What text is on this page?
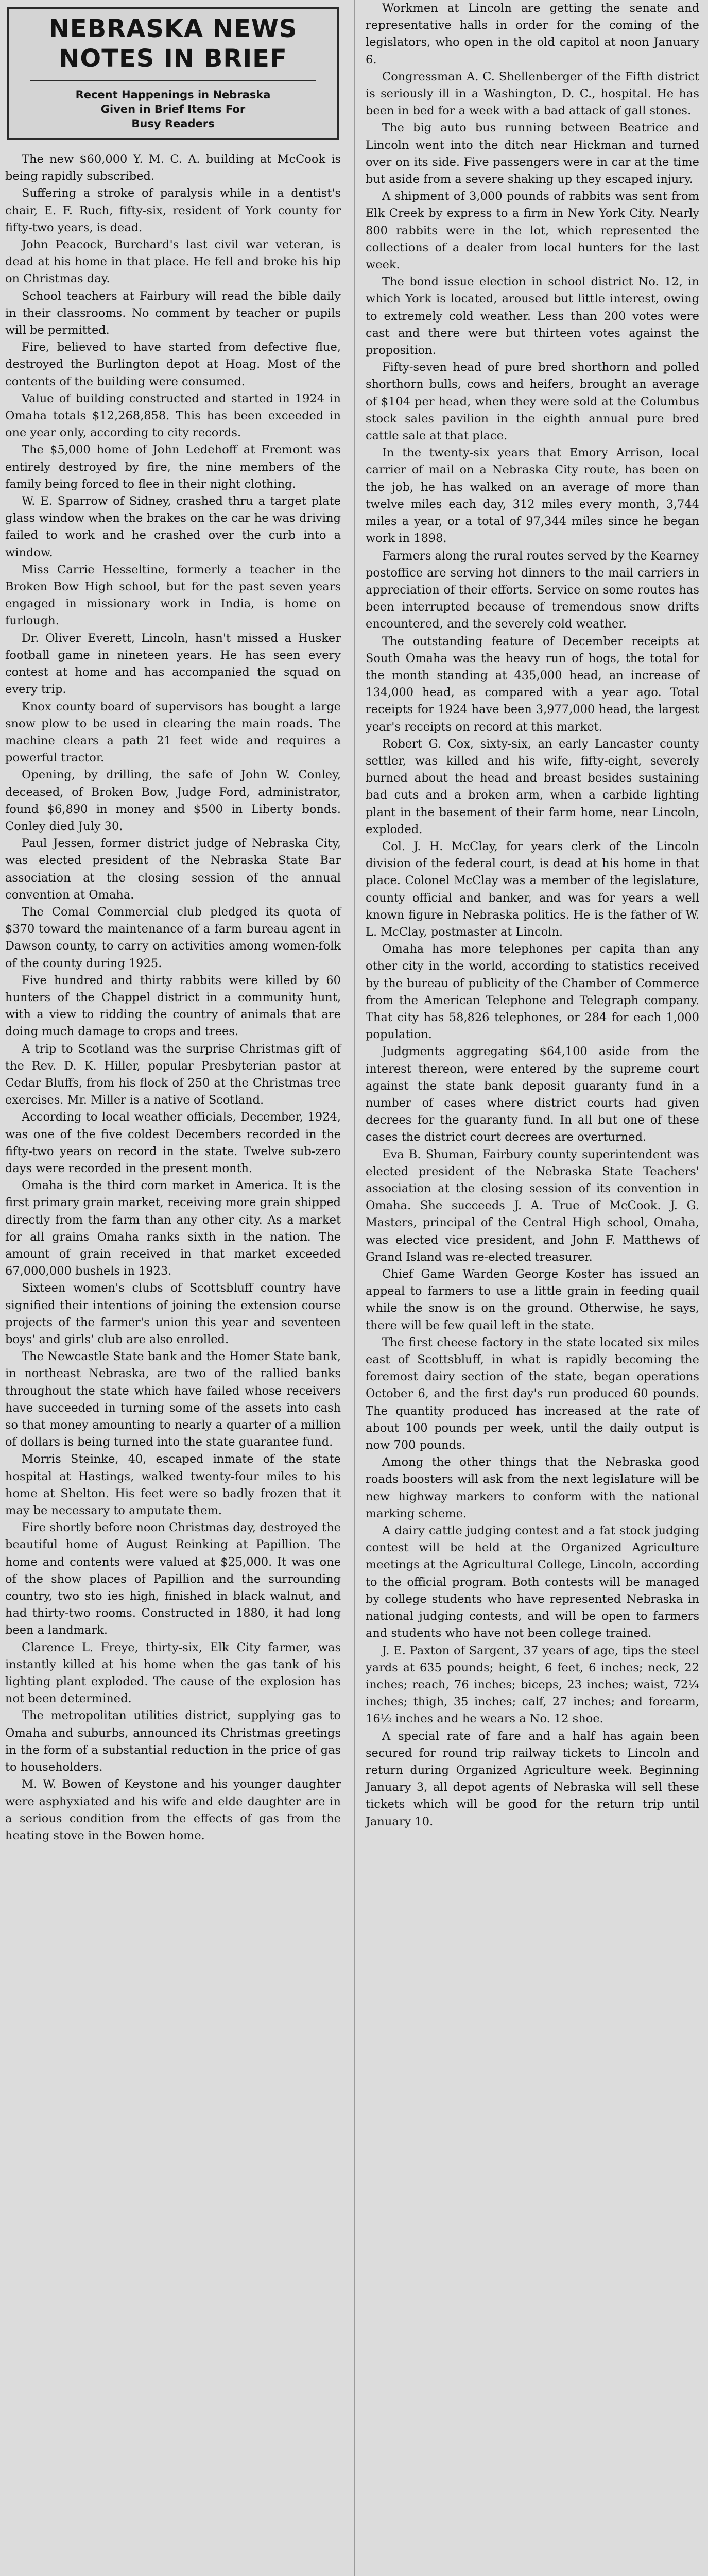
NEBRASKA NEWS
NOTES IN BRIEF
Recent Happenings in Nebraska
Given in Brief Items For
Busy Readers

The new $60,000 Y. M. C. A. building at McCook is being rapidly subscribed.

Suffering a stroke of paralysis while in a dentist's chair, E. F. Ruch, fifty-six, resident of York county for fifty-two years, is dead.

John Peacock, Burchard's last civil war veteran, is dead at his home in that place. He fell and broke his hip on Christmas day.

School teachers at Fairbury will read the bible daily in their classrooms. No comment by teacher or pupils will be permitted.

Fire, believed to have started from defective flue, destroyed the Burlington depot at Hoag. Most of the contents of the building were consumed.

Value of building constructed and started in 1924 in Omaha totals $12,268,858. This has been exceeded in one year only, according to city records.

The $5,000 home of John Ledehoff at Fremont was entirely destroyed by fire, the nine members of the family being forced to flee in their night clothing.

W. E. Sparrow of Sidney, crashed thru a target plate glass window when the brakes on the car he was driving failed to work and he crashed over the curb into a window.

Miss Carrie Hesseltine, formerly a teacher in the Broken Bow High school, but for the past seven years engaged in missionary work in India, is home on furlough.

Dr. Oliver Everett, Lincoln, hasn't missed a Husker football game in nineteen years. He has seen every contest at home and has accompanied the squad on every trip.

Knox county board of supervisors has bought a large snow plow to be used in clearing the main roads. The machine clears a path 21 feet wide and requires a powerful tractor.

Opening, by drilling, the safe of John W. Conley, deceased, of Broken Bow, Judge Ford, administrator, found $6,890 in money and $500 in Liberty bonds. Conley died July 30.

Paul Jessen, former district judge of Nebraska City, was elected president of the Nebraska State Bar association at the closing session of the annual convention at Omaha.

The Comal Commercial club pledged its quota of $370 toward the maintenance of a farm bureau agent in Dawson county, to carry on activities among women-folk of the county during 1925.

Five hundred and thirty rabbits were killed by 60 hunters of the Chappel district in a community hunt, with a view to ridding the country of animals that are doing much damage to crops and trees.

A trip to Scotland was the surprise Christmas gift of the Rev. D. K. Hiller, popular Presbyterian pastor at Cedar Bluffs, from his flock of 250 at the Christmas tree exercises. Mr. Miller is a native of Scotland.

According to local weather officials, December, 1924, was one of the five coldest Decembers recorded in the fifty-two years on record in the state. Twelve sub-zero days were recorded in the present month.

Omaha is the third corn market in America. It is the first primary grain market, receiving more grain shipped directly from the farm than any other city. As a market for all grains Omaha ranks sixth in the nation. The amount of grain received in that market exceeded 67,000,000 bushels in 1923.

Sixteen women's clubs of Scottsbluff country have signified their intentions of joining the extension course projects of the farmer's union this year and seventeen boys' and girls' club are also enrolled.

The Newcastle State bank and the Homer State bank, in northeast Nebraska, are two of the rallied banks throughout the state which have failed whose receivers have succeeded in turning some of the assets into cash so that money amounting to nearly a quarter of a million of dollars is being turned into the state guarantee fund.

Morris Steinke, 40, escaped inmate of the state hospital at Hastings, walked twenty-four miles to his home at Shelton. His feet were so badly frozen that it may be necessary to amputate them.

Fire shortly before noon Christmas day, destroyed the beautiful home of August Reinking at Papillion. The home and contents were valued at $25,000. It was one of the show places of Papillion and the surrounding country, two sto ies high, finished in black walnut, and had thirty-two rooms. Constructed in 1880, it had long been a landmark.

Clarence L. Freye, thirty-six, Elk City farmer, was instantly killed at his home when the gas tank of his lighting plant exploded. The cause of the explosion has not been determined.

The metropolitan utilities district, supplying gas to Omaha and suburbs, announced its Christmas greetings in the form of a substantial reduction in the price of gas to householders.

M. W. Bowen of Keystone and his younger daughter were asphyxiated and his wife and elde daughter are in a serious condition from the effects of gas from the heating stove in the Bowen home.

Workmen at Lincoln are getting the senate and representative halls in order for the coming of the legislators, who open in the old capitol at noon January 6.

Congressman A. C. Shellenberger of the Fifth district is seriously ill in a Washington, D. C., hospital. He has been in bed for a week with a bad attack of gall stones.

The big auto bus running between Beatrice and Lincoln went into the ditch near Hickman and turned over on its side. Five passengers were in car at the time but aside from a severe shaking up they escaped injury.

A shipment of 3,000 pounds of rabbits was sent from Elk Creek by express to a firm in New York City. Nearly 800 rabbits were in the lot, which represented the collections of a dealer from local hunters for the last week.

The bond issue election in school district No. 12, in which York is located, aroused but little interest, owing to extremely cold weather. Less than 200 votes were cast and there were but thirteen votes against the proposition.

Fifty-seven head of pure bred shorthorn and polled shorthorn bulls, cows and heifers, brought an average of $104 per head, when they were sold at the Columbus stock sales pavilion in the eighth annual pure bred cattle sale at that place.

In the twenty-six years that Emory Arrison, local carrier of mail on a Nebraska City route, has been on the job, he has walked on an average of more than twelve miles each day, 312 miles every month, 3,744 miles a year, or a total of 97,344 miles since he began work in 1898.

Farmers along the rural routes served by the Kearney postoffice are serving hot dinners to the mail carriers in appreciation of their efforts. Service on some routes has been interrupted because of tremendous snow drifts encountered, and the severely cold weather.

The outstanding feature of December receipts at South Omaha was the heavy run of hogs, the total for the month standing at 435,000 head, an increase of 134,000 head, as compared with a year ago. Total receipts for 1924 have been 3,977,000 head, the largest year's receipts on record at this market.

Robert G. Cox, sixty-six, an early Lancaster county settler, was killed and his wife, fifty-eight, severely burned about the head and breast besides sustaining bad cuts and a broken arm, when a carbide lighting plant in the basement of their farm home, near Lincoln, exploded.

Col. J. H. McClay, for years clerk of the Lincoln division of the federal court, is dead at his home in that place. Colonel McClay was a member of the legislature, county official and banker, and was for years a well known figure in Nebraska politics. He is the father of W. L. McClay, postmaster at Lincoln.

Omaha has more telephones per capita than any other city in the world, according to statistics received by the bureau of publicity of the Chamber of Commerce from the American Telephone and Telegraph company. That city has 58,826 telephones, or 284 for each 1,000 population.

Judgments aggregating $64,100 aside from the interest thereon, were entered by the supreme court against the state bank deposit guaranty fund in a number of cases where district courts had given decrees for the guaranty fund. In all but one of these cases the district court decrees are overturned.

Eva B. Shuman, Fairbury county superintendent was elected president of the Nebraska State Teachers' association at the closing session of its convention in Omaha. She succeeds J. A. True of McCook. J. G. Masters, principal of the Central High school, Omaha, was elected vice president, and John F. Matthews of Grand Island was re-elected treasurer.

Chief Game Warden George Koster has issued an appeal to farmers to use a little grain in feeding quail while the snow is on the ground. Otherwise, he says, there will be few quail left in the state.

The first cheese factory in the state located six miles east of Scottsbluff, in what is rapidly becoming the foremost dairy section of the state, began operations October 6, and the first day's run produced 60 pounds. The quantity produced has increased at the rate of about 100 pounds per week, until the daily output is now 700 pounds.

Among the other things that the Nebraska good roads boosters will ask from the next legislature will be new highway markers to conform with the national marking scheme.

A dairy cattle judging contest and a fat stock judging contest will be held at the Organized Agriculture meetings at the Agricultural College, Lincoln, according to the official program. Both contests will be managed by college students who have represented Nebraska in national judging contests, and will be open to farmers and students who have not been college trained.

J. E. Paxton of Sargent, 37 years of age, tips the steel yards at 635 pounds; height, 6 feet, 6 inches; neck, 22 inches; reach, 76 inches; biceps, 23 inches; waist, 72¼ inches; thigh, 35 inches; calf, 27 inches; and forearm, 16½ inches and he wears a No. 12 shoe.

A special rate of fare and a half has again been secured for round trip railway tickets to Lincoln and return during Organized Agriculture week. Beginning January 3, all depot agents of Nebraska will sell these tickets which will be good for the return trip until January 10.
